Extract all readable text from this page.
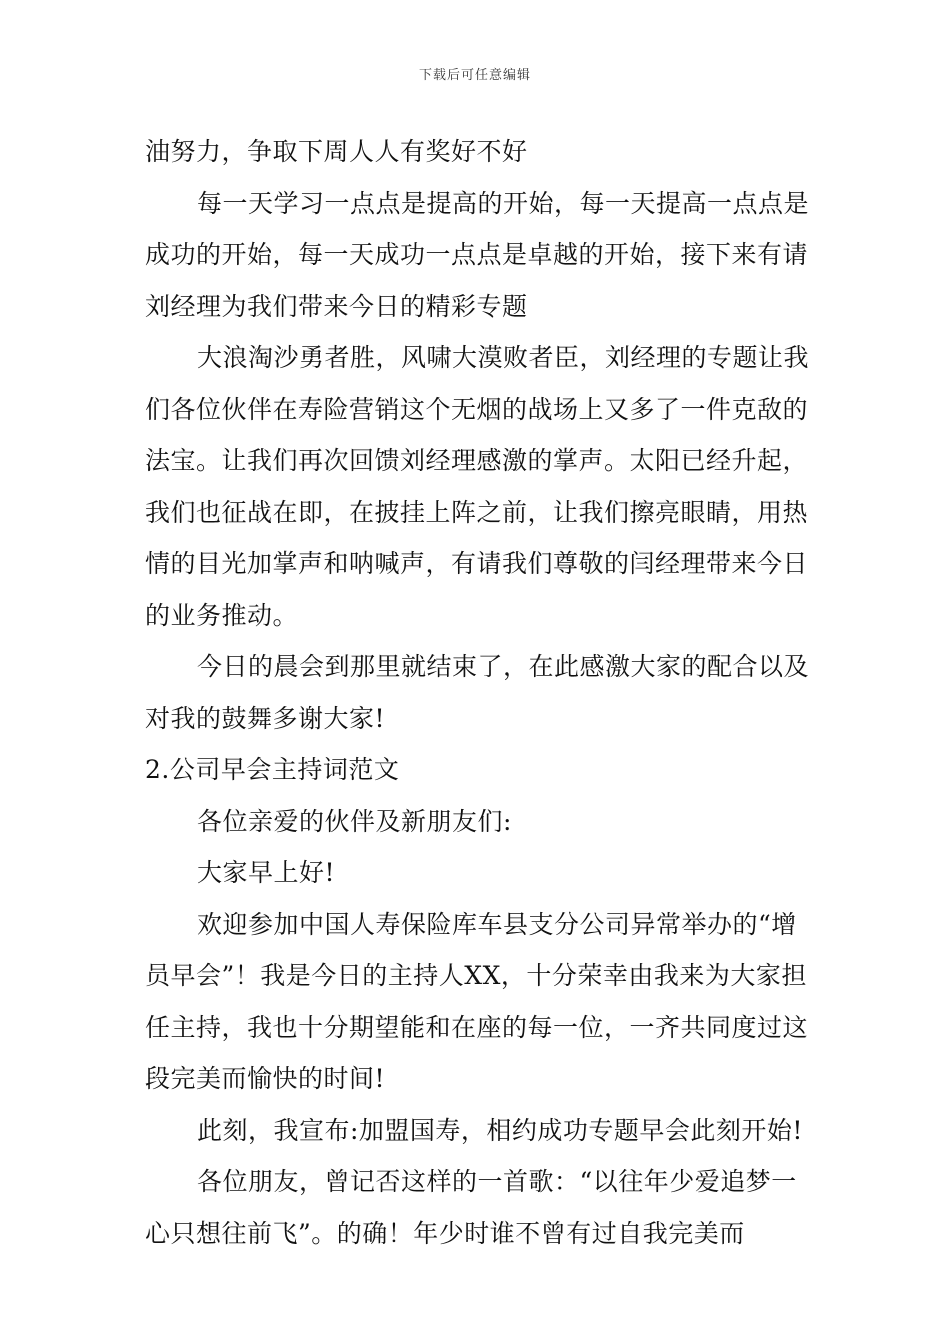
下载后可任意编辑

油努力，争取下周人人有奖好不好

每一天学习一点点是提高的开始，每一天提高一点点是成功的开始，每一天成功一点点是卓越的开始，接下来有请刘经理为我们带来今日的精彩专题

大浪淘沙勇者胜，风啸大漠败者臣，刘经理的专题让我们各位伙伴在寿险营销这个无烟的战场上又多了一件克敌的法宝。让我们再次回馈刘经理感激的掌声。太阳已经升起，我们也征战在即，在披挂上阵之前，让我们擦亮眼睛，用热情的目光加掌声和呐喊声，有请我们尊敬的闫经理带来今日的业务推动。

今日的晨会到那里就结束了，在此感激大家的配合以及对我的鼓舞多谢大家!

2.公司早会主持词范文

各位亲爱的伙伴及新朋友们:

大家早上好!

欢迎参加中国人寿保险库车县支分公司异常举办的“增员早会”！我是今日的主持人XX，十分荣幸由我来为大家担任主持，我也十分期望能和在座的每一位，一齐共同度过这段完美而愉快的时间!

此刻，我宣布:加盟国寿，相约成功专题早会此刻开始!

各位朋友，曾记否这样的一首歌：“以往年少爱追梦一心只想往前飞”。的确！年少时谁不曾有过自我完美而
